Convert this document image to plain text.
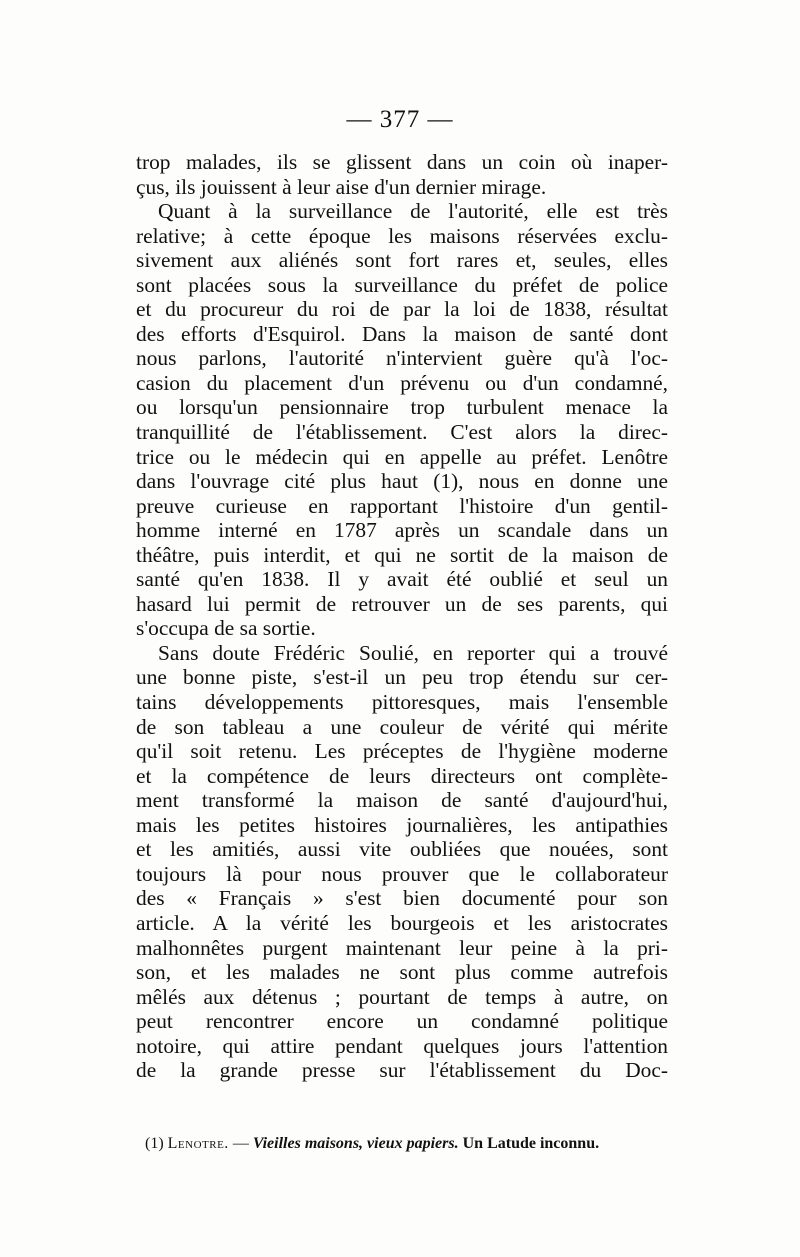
— 377 —
trop malades, ils se glissent dans un coin où inaper-
çus, ils jouissent à leur aise d'un dernier mirage.
Quant à la surveillance de l'autorité, elle est très
relative; à cette époque les maisons réservées exclu-
sivement aux aliénés sont fort rares et, seules, elles
sont placées sous la surveillance du préfet de police
et du procureur du roi de par la loi de 1838, résultat
des efforts d'Esquirol. Dans la maison de santé dont
nous parlons, l'autorité n'intervient guère qu'à l'oc-
casion du placement d'un prévenu ou d'un condamné,
ou lorsqu'un pensionnaire trop turbulent menace la
tranquillité de l'établissement. C'est alors la direc-
trice ou le médecin qui en appelle au préfet. Lenôtre
dans l'ouvrage cité plus haut (1), nous en donne une
preuve curieuse en rapportant l'histoire d'un gentil-
homme interné en 1787 après un scandale dans un
théâtre, puis interdit, et qui ne sortit de la maison de
santé qu'en 1838. Il y avait été oublié et seul un
hasard lui permit de retrouver un de ses parents, qui
s'occupa de sa sortie.
Sans doute Frédéric Soulié, en reporter qui a trouvé
une bonne piste, s'est-il un peu trop étendu sur cer-
tains développements pittoresques, mais l'ensemble
de son tableau a une couleur de vérité qui mérite
qu'il soit retenu. Les préceptes de l'hygiène moderne
et la compétence de leurs directeurs ont complète-
ment transformé la maison de santé d'aujourd'hui,
mais les petites histoires journalières, les antipathies
et les amitiés, aussi vite oubliées que nouées, sont
toujours là pour nous prouver que le collaborateur
des « Français » s'est bien documenté pour son
article. A la vérité les bourgeois et les aristocrates
malhonnêtes purgent maintenant leur peine à la pri-
son, et les malades ne sont plus comme autrefois
mêlés aux détenus ; pourtant de temps à autre, on
peut rencontrer encore un condamné politique
notoire, qui attire pendant quelques jours l'attention
de la grande presse sur l'établissement du Doc-
(1) Lenotre. — Vieilles maisons, vieux papiers. Un Latude inconnu.
